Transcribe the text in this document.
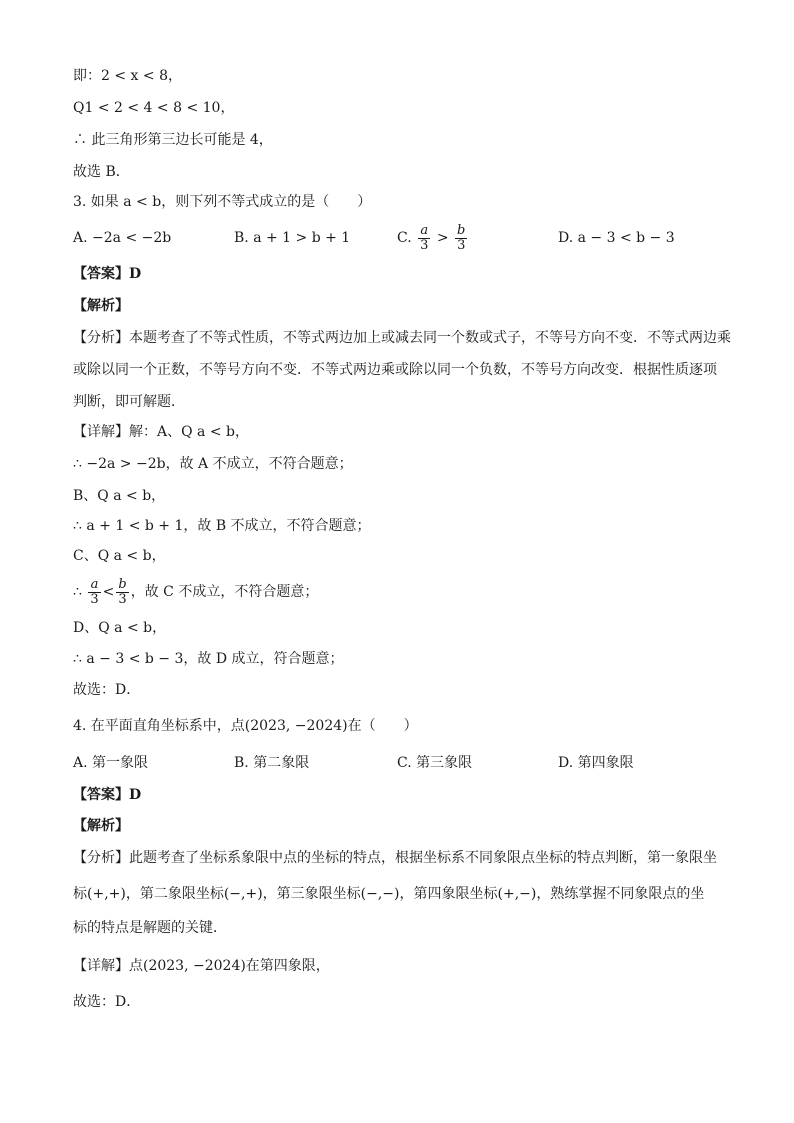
即：2 < x < 8，
Q1 < 2 < 4 < 8 < 10，
∴ 此三角形第三边长可能是 4，
故选 B．
3. 如果 a < b，则下列不等式成立的是（　　）
A. −2a < −2b	B. a + 1 > b + 1	C. $\frac{a}{3} > \frac{b}{3}$	D. a − 3 < b − 3
【答案】D
【解析】
【分析】本题考查了不等式性质，不等式两边加上或减去同一个数或式子，不等号方向不变．不等式两边乘
或除以同一个正数，不等号方向不变．不等式两边乘或除以同一个负数，不等号方向改变．根据性质逐项
判断，即可解题．
【详解】解：A、Q a < b，
∴ −2a > −2b，故 A 不成立，不符合题意；
B、Q a < b，
∴ a + 1 < b + 1，故 B 不成立，不符合题意；
C、Q a < b，
∴ $\frac{a}{3} < \frac{b}{3}$ ，故 C 不成立，不符合题意；
D、Q a < b，
∴ a − 3 < b − 3，故 D 成立，符合题意；
故选：D．
4. 在平面直角坐标系中，点(2023, −2024)在（　　）
A. 第一象限	B. 第二象限	C. 第三象限	D. 第四象限
【答案】D
【解析】
【分析】此题考查了坐标系象限中点的坐标的特点，根据坐标系不同象限点坐标的特点判断，第一象限坐
标(+,+)，第二象限坐标(−,+)，第三象限坐标(−,−)，第四象限坐标(+,−)，熟练掌握不同象限点的坐
标的特点是解题的关键．
【详解】点(2023, −2024)在第四象限，
故选：D．
